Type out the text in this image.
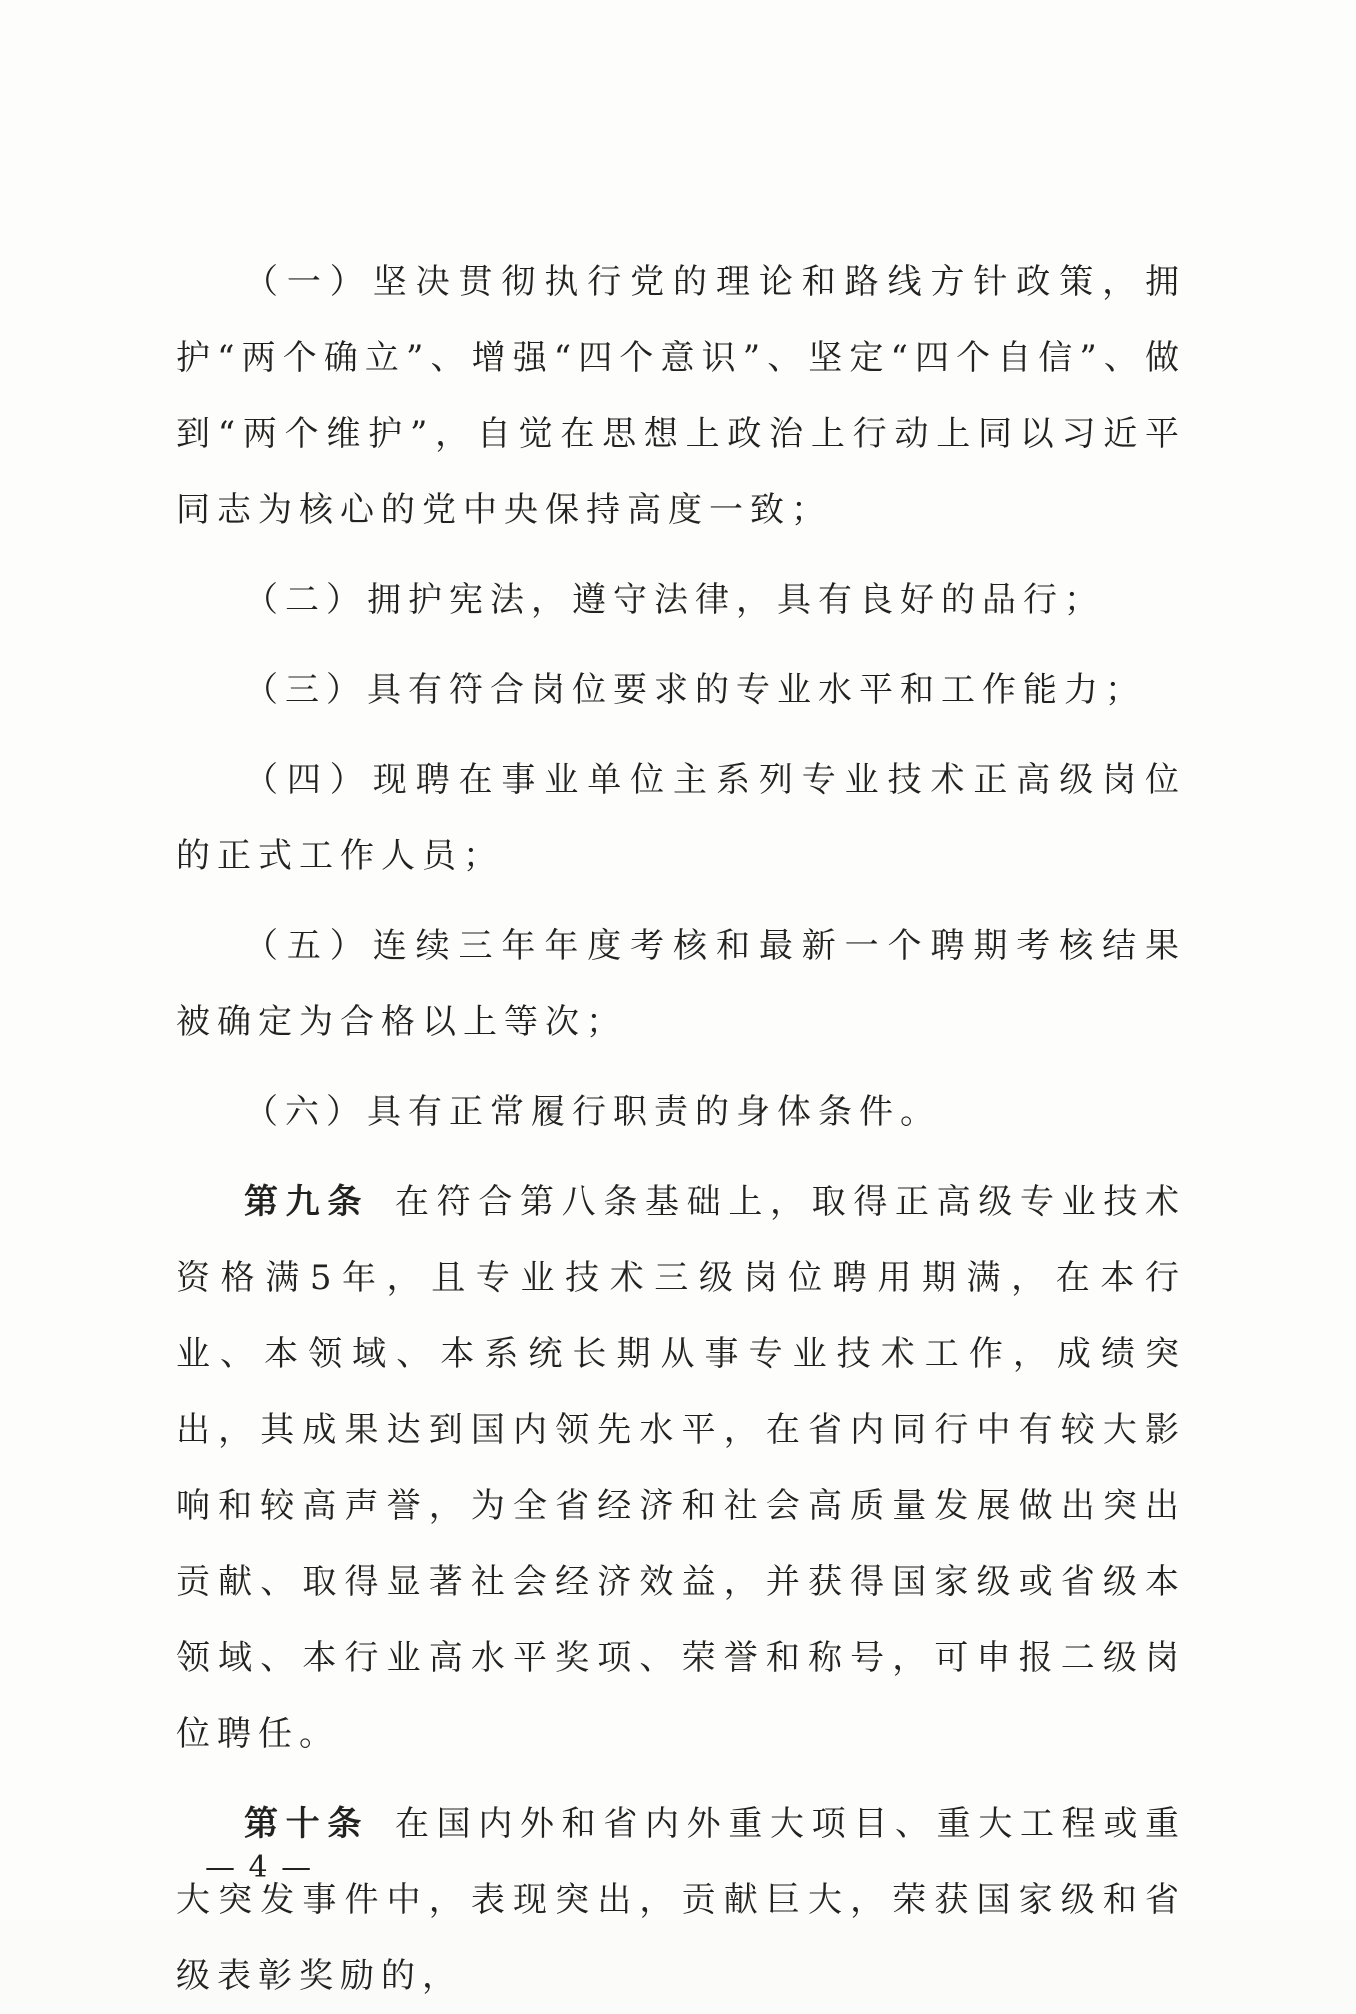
（一）坚决贯彻执行党的理论和路线方针政策，拥护“两个确立”、增强“四个意识”、坚定“四个自信”、做到“两个维护”，自觉在思想上政治上行动上同以习近平同志为核心的党中央保持高度一致；

（二）拥护宪法，遵守法律，具有良好的品行；

（三）具有符合岗位要求的专业水平和工作能力；

（四）现聘在事业单位主系列专业技术正高级岗位的正式工作人员；

（五）连续三年年度考核和最新一个聘期考核结果被确定为合格以上等次；

（六）具有正常履行职责的身体条件。

第九条 在符合第八条基础上，取得正高级专业技术资格满5年，且专业技术三级岗位聘用期满，在本行业、本领域、本系统长期从事专业技术工作，成绩突出，其成果达到国内领先水平，在省内同行中有较大影响和较高声誉，为全省经济和社会高质量发展做出突出贡献、取得显著社会经济效益，并获得国家级或省级本领域、本行业高水平奖项、荣誉和称号，可申报二级岗位聘任。

第十条 在国内外和省内外重大项目、重大工程或重大突发事件中，表现突出，贡献巨大，荣获国家级和省级表彰奖励的，

— 4 —
